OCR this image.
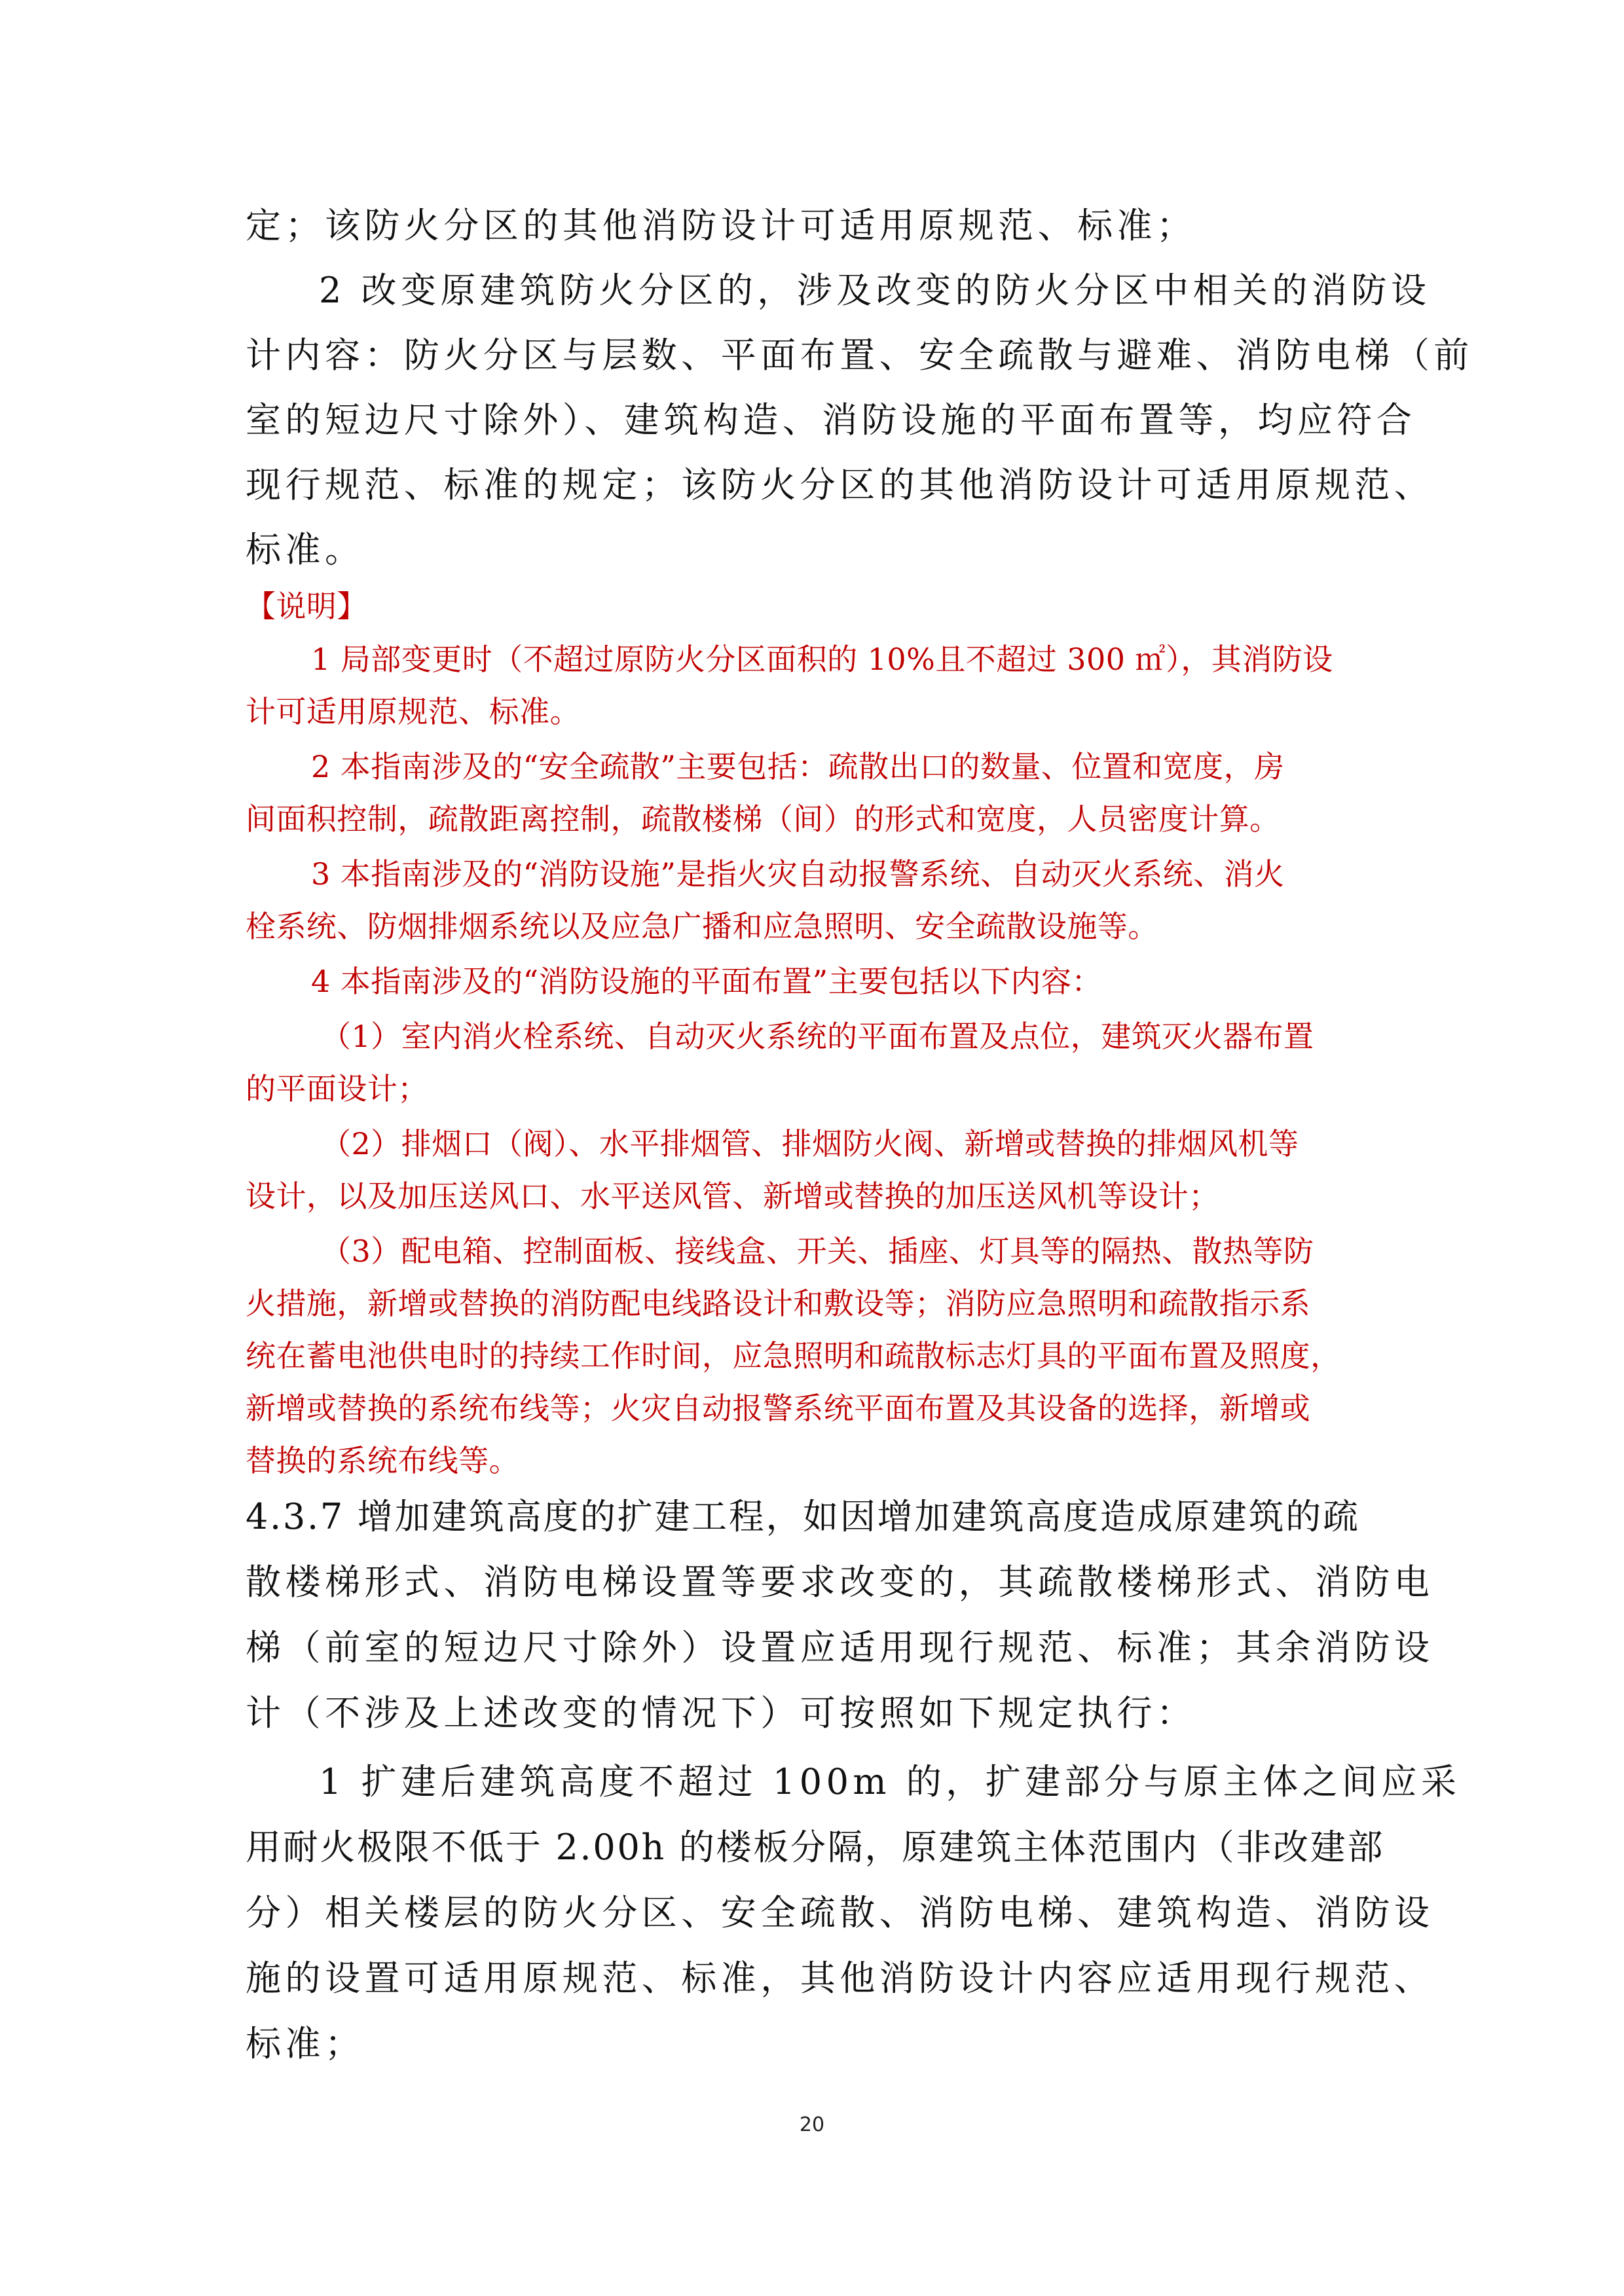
定；该防火分区的其他消防设计可适用原规范、标准；
2 改变原建筑防火分区的，涉及改变的防火分区中相关的消防设
计内容：防火分区与层数、平面布置、安全疏散与避难、消防电梯（前
室的短边尺寸除外）、建筑构造、消防设施的平面布置等，均应符合
现行规范、标准的规定；该防火分区的其他消防设计可适用原规范、
标准。
【说明】
1 局部变更时（不超过原防火分区面积的 10%且不超过 300 ㎡），其消防设
计可适用原规范、标准。
2 本指南涉及的“安全疏散”主要包括：疏散出口的数量、位置和宽度，房
间面积控制，疏散距离控制，疏散楼梯（间）的形式和宽度，人员密度计算。
3 本指南涉及的“消防设施”是指火灾自动报警系统、自动灭火系统、消火
栓系统、防烟排烟系统以及应急广播和应急照明、安全疏散设施等。
4 本指南涉及的“消防设施的平面布置”主要包括以下内容：
（1）室内消火栓系统、自动灭火系统的平面布置及点位，建筑灭火器布置
的平面设计；
（2）排烟口（阀）、水平排烟管、排烟防火阀、新增或替换的排烟风机等
设计，以及加压送风口、水平送风管、新增或替换的加压送风机等设计；
（3）配电箱、控制面板、接线盒、开关、插座、灯具等的隔热、散热等防
火措施，新增或替换的消防配电线路设计和敷设等；消防应急照明和疏散指示系
统在蓄电池供电时的持续工作时间，应急照明和疏散标志灯具的平面布置及照度，
新增或替换的系统布线等；火灾自动报警系统平面布置及其设备的选择，新增或
替换的系统布线等。
4.3.7 增加建筑高度的扩建工程，如因增加建筑高度造成原建筑的疏
散楼梯形式、消防电梯设置等要求改变的，其疏散楼梯形式、消防电
梯（前室的短边尺寸除外）设置应适用现行规范、标准；其余消防设
计（不涉及上述改变的情况下）可按照如下规定执行：
1 扩建后建筑高度不超过 100m 的，扩建部分与原主体之间应采
用耐火极限不低于 2.00h 的楼板分隔，原建筑主体范围内（非改建部
分）相关楼层的防火分区、安全疏散、消防电梯、建筑构造、消防设
施的设置可适用原规范、标准，其他消防设计内容应适用现行规范、
标准；
20
